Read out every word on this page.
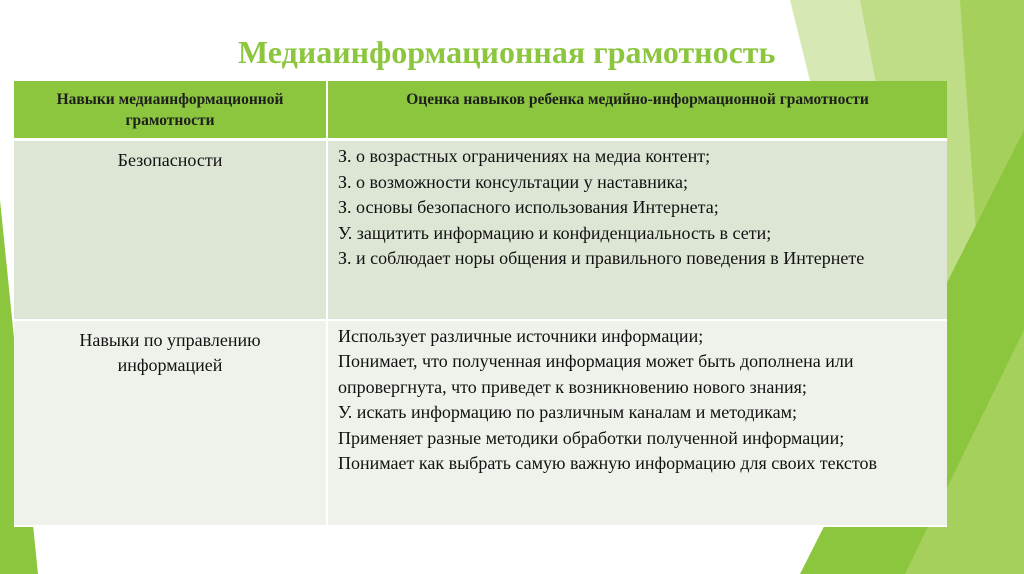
Медиаинформационная грамотность
Навыки медиаинформационной грамотности	Оценка навыков ребенка медийно-информационной грамотности
Безопасности	З. о возрастных ограничениях на медиа контент;
З. о возможности консультации у наставника;
З. основы безопасного использования Интернета;
У. защитить информацию и конфиденциальность в сети;
З. и соблюдает норы общения и правильного поведения в Интернете

Навыки по управлению информацией	Использует различные источники информации;
Понимает, что полученная информация может быть дополнена или опровергнута, что приведет к возникновению нового знания;
У. искать информацию по различным каналам и методикам;
Применяет разные методики обработки полученной информации;
Понимает как выбрать самую важную информацию для своих текстов
